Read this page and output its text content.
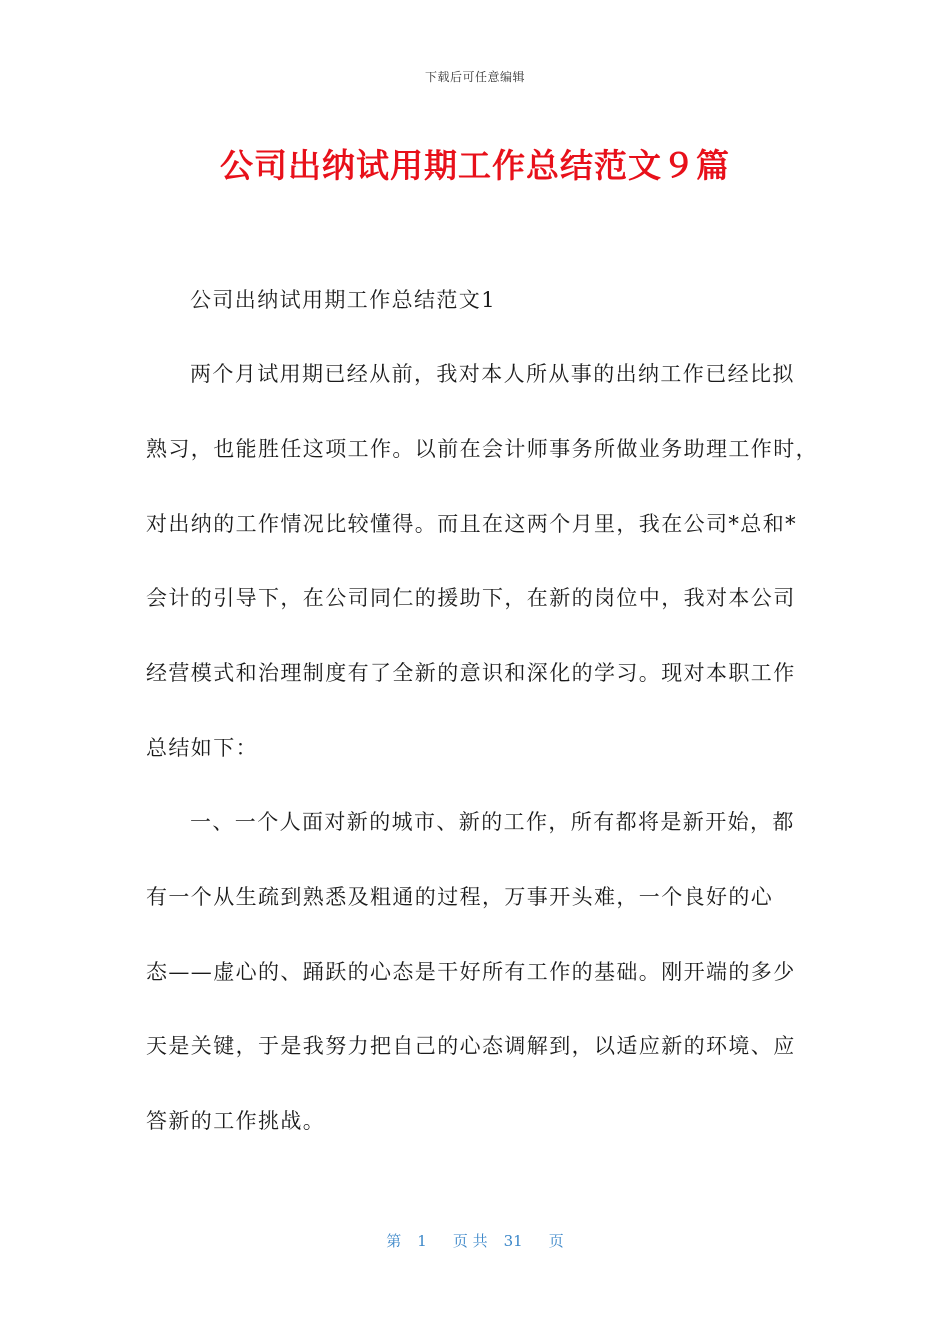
下载后可任意编辑
公司出纳试用期工作总结范文９篇

公司出纳试用期工作总结范文1

两个月试用期已经从前，我对本人所从事的出纳工作已经比拟

熟习，也能胜任这项工作。以前在会计师事务所做业务助理工作时，

对出纳的工作情况比较懂得。而且在这两个月里，我在公司*总和*

会计的引导下，在公司同仁的援助下，在新的岗位中，我对本公司

经营模式和治理制度有了全新的意识和深化的学习。现对本职工作

总结如下：

一、一个人面对新的城市、新的工作，所有都将是新开始，都

有一个从生疏到熟悉及粗通的过程，万事开头难，一个良好的心

态——虚心的、踊跃的心态是干好所有工作的基础。刚开端的多少

天是关键，于是我努力把自己的心态调解到，以适应新的环境、应

答新的工作挑战。

第 1 页 共 31 页
